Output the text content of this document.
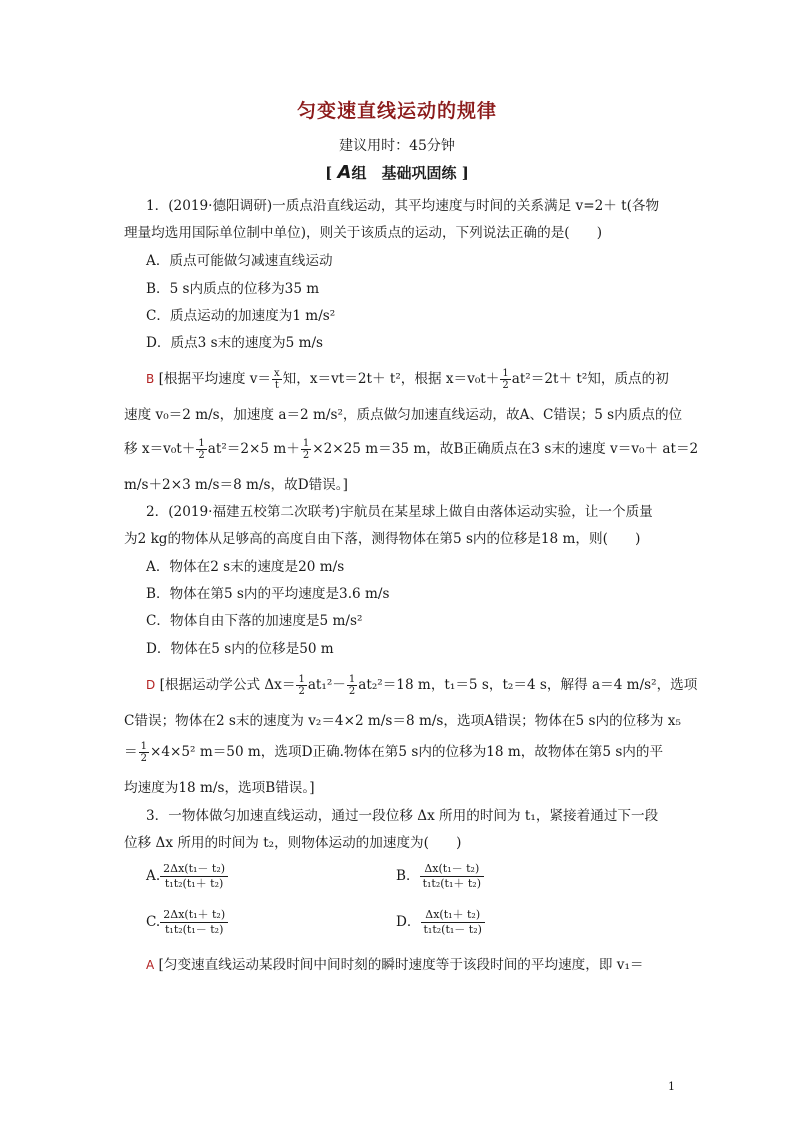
匀变速直线运动的规律
建议用时：45分钟
[ A组　基础巩固练 ]
1．(2019·德阳调研)一质点沿直线运动，其平均速度与时间的关系满足 v=2＋ t(各物
理量均选用国际单位制中单位)，则关于该质点的运动，下列说法正确的是(　　)
A．质点可能做匀减速直线运动
B．5 s内质点的位移为35 m
C．质点运动的加速度为1 m/s²
D．质点3 s末的速度为5 m/s
B [根据平均速度 $v= \frac{x}{t}$ 知，x＝vt＝2t＋ t²，根据 $x=v_0t+ \frac{1}{2} at^2=2t+ t^2$知，质点的初
速度 v₀＝2 m/s，加速度 a＝2 m/s²，质点做匀加速直线运动，故A、C错误；5 s内质点的位
移 $x=v_0t+ \frac{1}{2} at^2=2\times 5$ $m+ \frac{1}{2} \times 2\times 25$ m＝35 m，故B正确质点在3 s末的速度 v＝v₀＋ at＝2
m/s＋2×3 m/s＝8 m/s，故D错误。]
2．(2019·福建五校第二次联考)宇航员在某星球上做自由落体运动实验，让一个质量
为2 kg的物体从足够高的高度自由下落，测得物体在第5 s内的位移是18 m，则(　　)
A．物体在2 s末的速度是20 m/s
B．物体在第5 s内的平均速度是3.6 m/s
C．物体自由下落的加速度是5 m/s²
D．物体在5 s内的位移是50 m
D [根据运动学公式 $\Delta x= \frac{1}{2} at_1^2- \frac{1}{2} at_2^2=18$ m，t₁＝5 s，t₂＝4 s，解得 a＝4 m/s²，选项
C错误；物体在2 s末的速度为 v₂＝4×2 m/s＝8 m/s，选项A错误；物体在5 s内的位移为 x₅
＝ $\frac{1}{2} \times 4\times 5^2$ m＝50 m，选项D正确.物体在第5 s内的位移为18 m，故物体在第5 s内的平
均速度为18 m/s，选项B错误。]
3．一物体做匀加速直线运动，通过一段位移 Δx 所用的时间为 t₁，紧接着通过下一段
位移 Δx 所用的时间为 t₂，则物体运动的加速度为(　　)
A. $\frac{\text{2Δx(t₁－ t₂)}}{\text{t₁t₂(t₁＋ t₂)}}$	B． $\frac{\text{Δx(t₁－ t₂)}}{\text{t₁t₂(t₁＋ t₂)}}$
C. $\frac{\text{2Δx(t₁＋ t₂)}}{\text{t₁t₂(t₁－ t₂)}}$	D． $\frac{\text{Δx(t₁＋ t₂)}}{\text{t₁t₂(t₁－ t₂)}}$
A [匀变速直线运动某段时间中间时刻的瞬时速度等于该段时间的平均速度，即 v₁＝
1
